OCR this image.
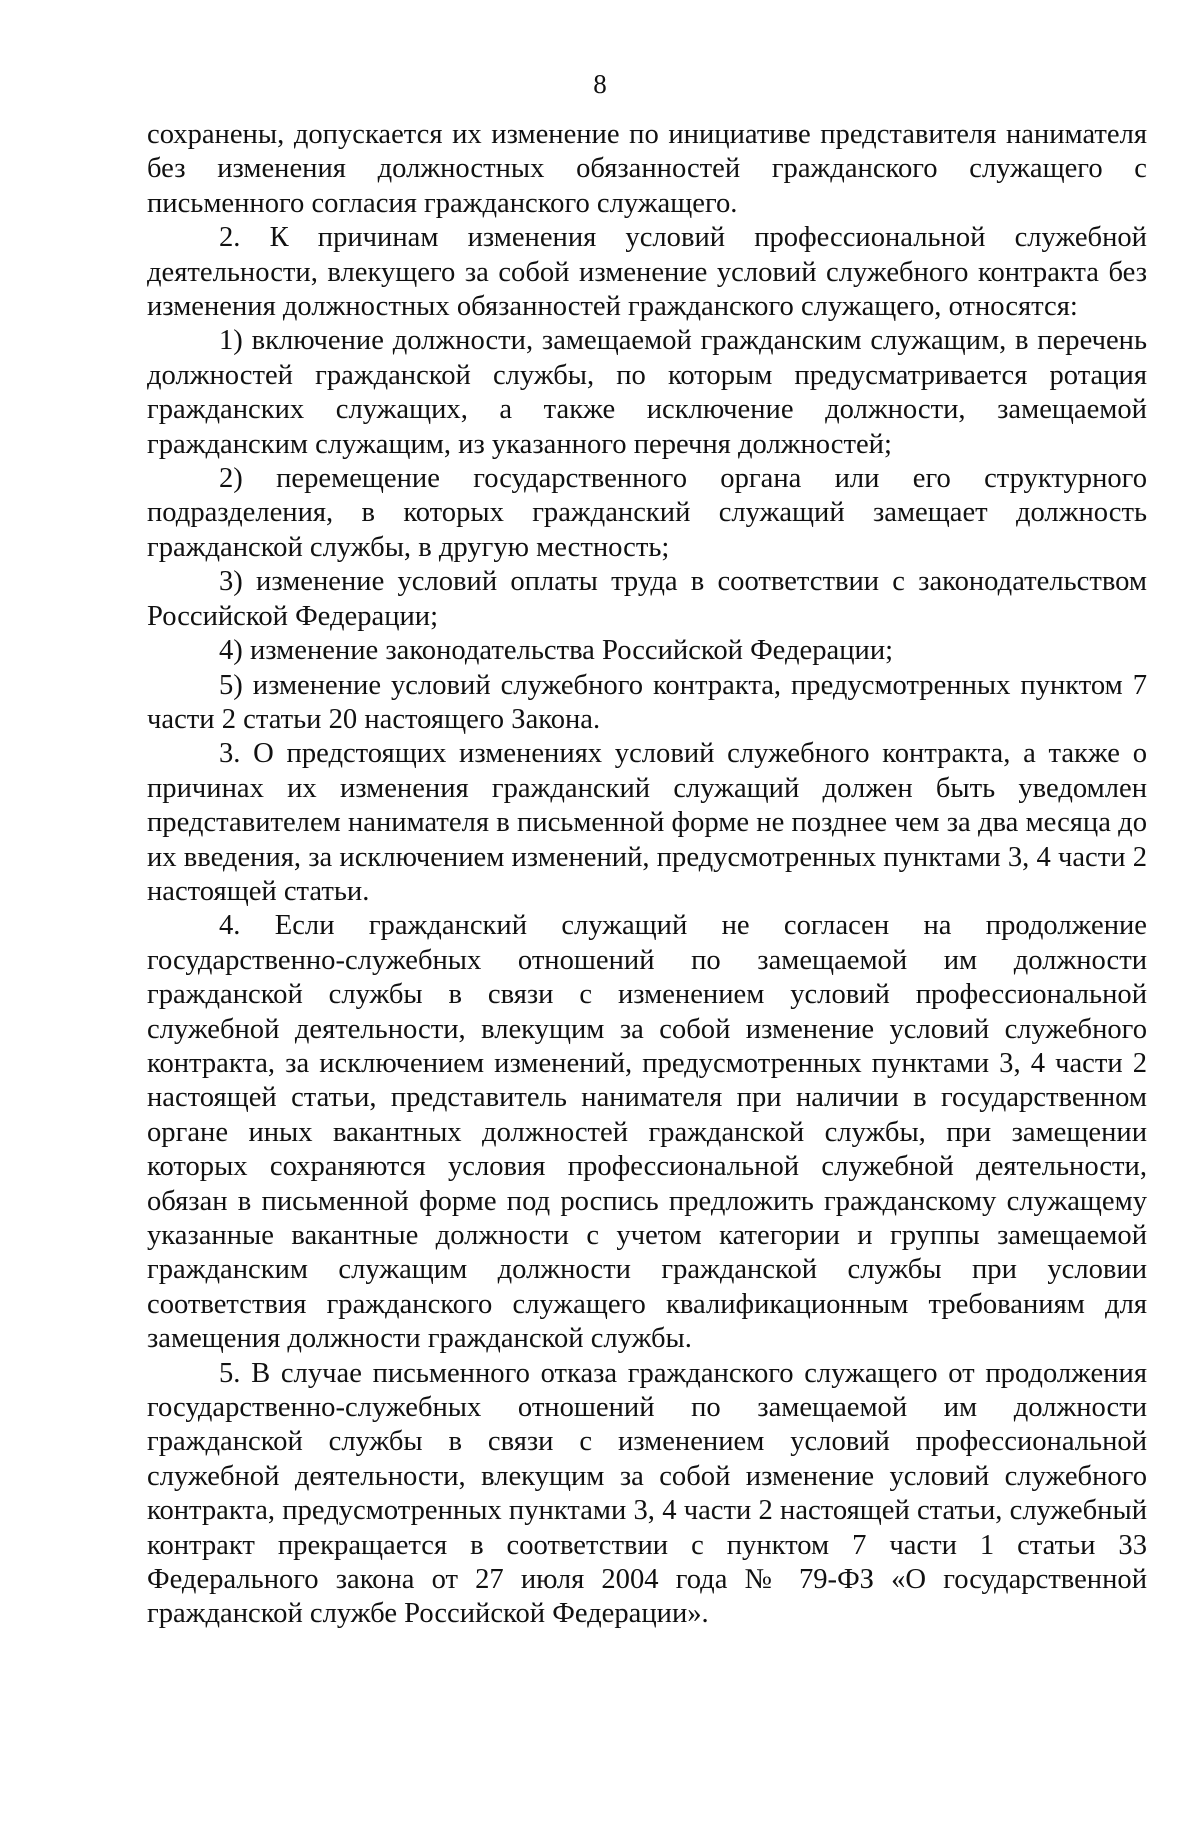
8

сохранены, допускается их изменение по инициативе представителя нанимателя без изменения должностных обязанностей гражданского служащего с письменного согласия гражданского служащего.

2. К причинам изменения условий профессиональной служебной деятельности, влекущего за собой изменение условий служебного контракта без изменения должностных обязанностей гражданского служащего, относятся:

1) включение должности, замещаемой гражданским служащим, в перечень должностей гражданской службы, по которым предусматривается ротация гражданских служащих, а также исключение должности, замещаемой гражданским служащим, из указанного перечня должностей;

2) перемещение государственного органа или его структурного подразделения, в которых гражданский служащий замещает должность гражданской службы, в другую местность;

3) изменение условий оплаты труда в соответствии с законодательством Российской Федерации;

4) изменение законодательства Российской Федерации;

5) изменение условий служебного контракта, предусмотренных пунктом 7 части 2 статьи 20 настоящего Закона.

3. О предстоящих изменениях условий служебного контракта, а также о причинах их изменения гражданский служащий должен быть уведомлен представителем нанимателя в письменной форме не позднее чем за два месяца до их введения, за исключением изменений, предусмотренных пунктами 3, 4 части 2 настоящей статьи.

4. Если гражданский служащий не согласен на продолжение государственно-служебных отношений по замещаемой им должности гражданской службы в связи с изменением условий профессиональной служебной деятельности, влекущим за собой изменение условий служебного контракта, за исключением изменений, предусмотренных пунктами 3, 4 части 2 настоящей статьи, представитель нанимателя при наличии в государственном органе иных вакантных должностей гражданской службы, при замещении которых сохраняются условия профессиональной служебной деятельности, обязан в письменной форме под роспись предложить гражданскому служащему указанные вакантные должности с учетом категории и группы замещаемой гражданским служащим должности гражданской службы при условии соответствия гражданского служащего квалификационным требованиям для замещения должности гражданской службы.

5. В случае письменного отказа гражданского служащего от продолжения государственно-служебных отношений по замещаемой им должности гражданской службы в связи с изменением условий профессиональной служебной деятельности, влекущим за собой изменение условий служебного контракта, предусмотренных пунктами 3, 4 части 2 настоящей статьи, служебный контракт прекращается в соответствии с пунктом 7 части 1 статьи 33 Федерального закона от 27 июля 2004 года № 79-ФЗ «О государственной гражданской службе Российской Федерации».
